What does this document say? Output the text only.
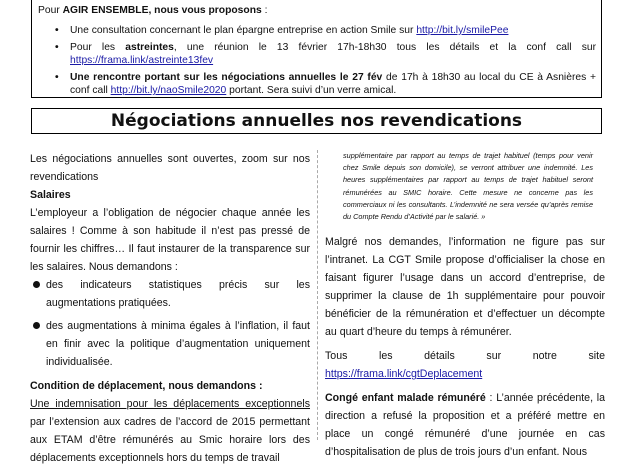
Pour AGIR ENSEMBLE, nous vous proposons :
• Une consultation concernant le plan épargne entreprise en action Smile sur http://bit.ly/smilePee
• Pour les astreintes, une réunion le 13 février 17h-18h30 tous les détails et la conf call sur https://frama.link/astreinte13fev
• Une rencontre portant sur les négociations annuelles le 27 fév de 17h à 18h30 au local du CE à Asnières + conf call http://bit.ly/naoSmile2020 portant. Sera suivi d’un verre amical.
Négociations annuelles nos revendications

Les négociations annuelles sont ouvertes, zoom sur nos revendications

Salaires

L’employeur a l’obligation de négocier chaque année les salaires ! Comme à son habitude il n’est pas pressé de fournir les chiffres… Il faut instaurer de la transparence sur les salaires. Nous demandons :

des indicateurs statistiques précis sur les augmentations pratiquées.
des augmentations à minima égales à l’inflation, il faut en finir avec la politique d’augmentation uniquement individualisée.

Condition de déplacement, nous demandons :

Une indemnisation pour les déplacements exceptionnels par l’extension aux cadres de l’accord de 2015 permettant aux ETAM d’être rémunérés au Smic horaire lors des déplacements exceptionnels hors du temps de travail

supplémentaire par rapport au temps de trajet habituel (temps pour venir chez Smile depuis son domicile), se verront attribuer une indemnité. Les heures supplémentaires par rapport au temps de trajet habituel seront rémunérées au SMIC horaire. Cette mesure ne concerne pas les commerciaux ni les consultants. L’indemnité ne sera versée qu’après remise du Compte Rendu d’Activité par le salarié. »

Malgré nos demandes, l’information ne figure pas sur l’intranet. La CGT Smile propose d’officialiser la chose en faisant figurer l’usage dans un accord d’entreprise, de supprimer la clause de 1h supplémentaire pour pouvoir bénéficier de la rémunération et d’effectuer un décompte au quart d’heure du temps à rémunérer.

Tous les détails sur notre site

https://frama.link/cgtDeplacement

Congé enfant malade rémunéré : L’année précédente, la direction a refusé la proposition et a préféré mettre en place un congé rémunéré d’une journée en cas d’hospitalisation de plus de trois jours d’un enfant. Nous
